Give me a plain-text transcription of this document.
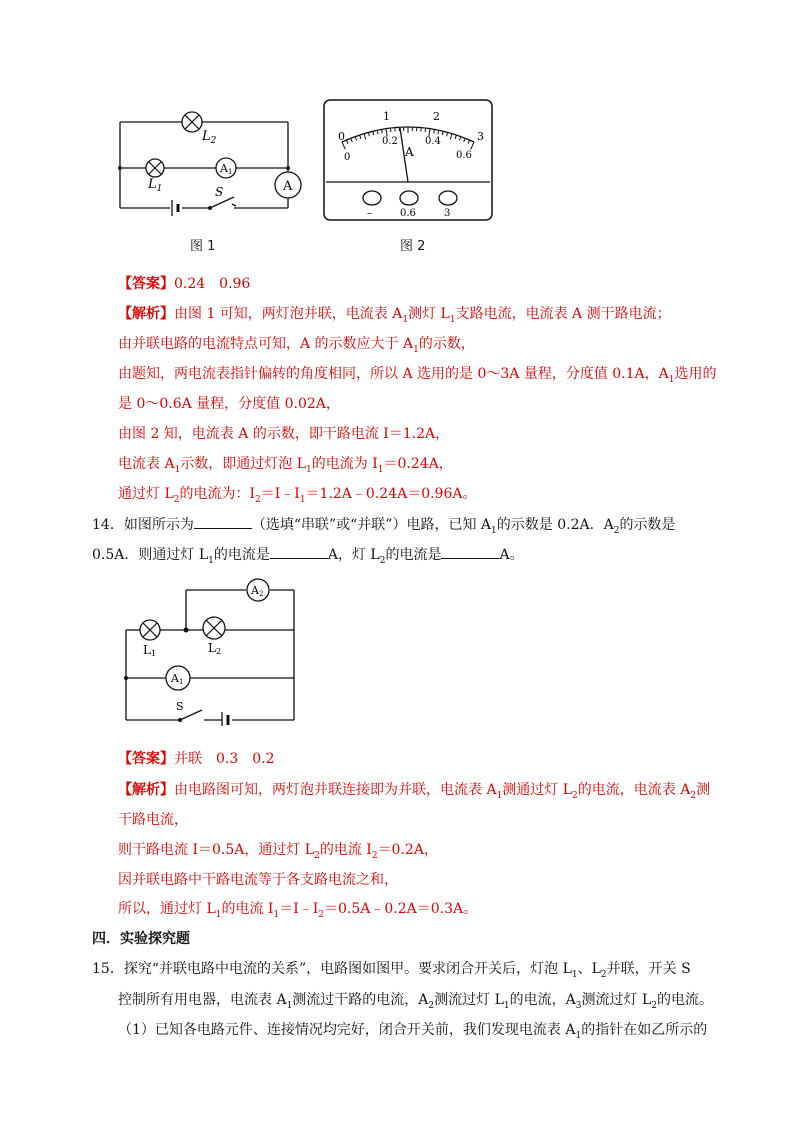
$L_2$
$L_1$
A1
A
S
图 1
0
1	2
3
0
0.2	0.4
0.6
A
–	0.6	3
图 2
【答案】0.24　0.96
【解析】由图 1 可知，两灯泡并联，电流表 $A_1$测灯 $L_1$支路电流，电流表 A 测干路电流；
由并联电路的电流特点可知，A 的示数应大于 $A_1$的示数，
由题知，两电流表指针偏转的角度相同，所以 A 选用的是 0～3A 量程，分度值 0.1A，$A_1$选用的
是 0～0.6A 量程，分度值 0.02A，
由图 2 知，电流表 A 的示数，即干路电流 I＝1.2A，
电流表 $A_1$示数，即通过灯泡 $L_1$的电流为 $I_1=0.24A$，
通过灯 $L_2$的电流为：$I_2=I﹣I_1=1.2A﹣0.24A=0.96A$。
14．如图所示为	（选填“串联”或“并联”）电路，已知 $A_1$的示数是 0.2A．$A_2$的示数是
0.5A．则通过灯 $L_1$的电流是	A，灯 $L_2$的电流是	A。
A2
A1
L1	L2
S
【答案】并联　0.3　0.2
【解析】由电路图可知，两灯泡并联连接即为并联，电流表 $A_1$测通过灯 $L_2$的电流，电流表 $A_2$测
干路电流，
则干路电流 I＝0.5A，通过灯 $L_2$的电流 $I_2=0.2A$，
因并联电路中干路电流等于各支路电流之和，
所以，通过灯 $L_1$的电流 $I_1=I﹣I_2=0.5A﹣0.2A=0.3A$。
四．实验探究题
15．探究“并联电路中电流的关系”，电路图如图甲。要求闭合开关后，灯泡 $L_1$、$L_2$并联，开关 S
控制所有用电器，电流表 $A_1$测流过干路的电流，$A_2$测流过灯 $L_1$的电流，$A_3$测流过灯 $L_2$的电流。
（1）已知各电路元件、连接情况均完好，闭合开关前，我们发现电流表 $A_1$的指针在如乙所示的
